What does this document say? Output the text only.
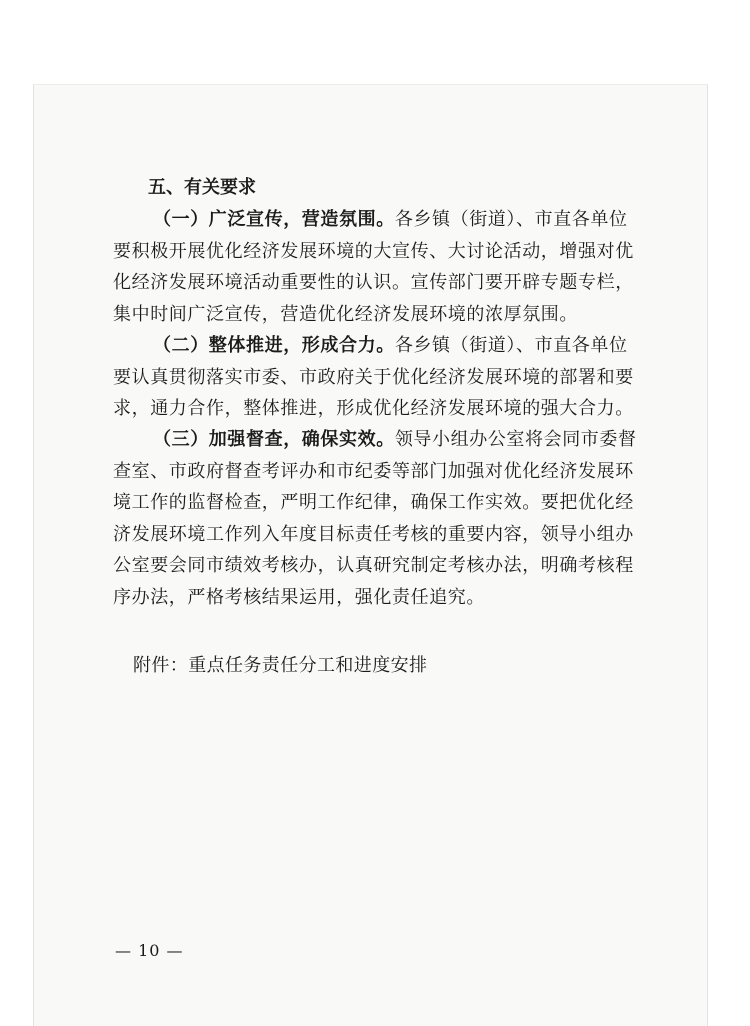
五、有关要求
（一）广泛宣传，营造氛围。各乡镇（街道）、市直各单位
要积极开展优化经济发展环境的大宣传、大讨论活动，增强对优
化经济发展环境活动重要性的认识。宣传部门要开辟专题专栏，
集中时间广泛宣传，营造优化经济发展环境的浓厚氛围。
（二）整体推进，形成合力。各乡镇（街道）、市直各单位
要认真贯彻落实市委、市政府关于优化经济发展环境的部署和要
求，通力合作，整体推进，形成优化经济发展环境的强大合力。
（三）加强督查，确保实效。领导小组办公室将会同市委督
查室、市政府督查考评办和市纪委等部门加强对优化经济发展环
境工作的监督检查，严明工作纪律，确保工作实效。要把优化经
济发展环境工作列入年度目标责任考核的重要内容，领导小组办
公室要会同市绩效考核办，认真研究制定考核办法，明确考核程
序办法，严格考核结果运用，强化责任追究。
附件：重点任务责任分工和进度安排
— 10 —
